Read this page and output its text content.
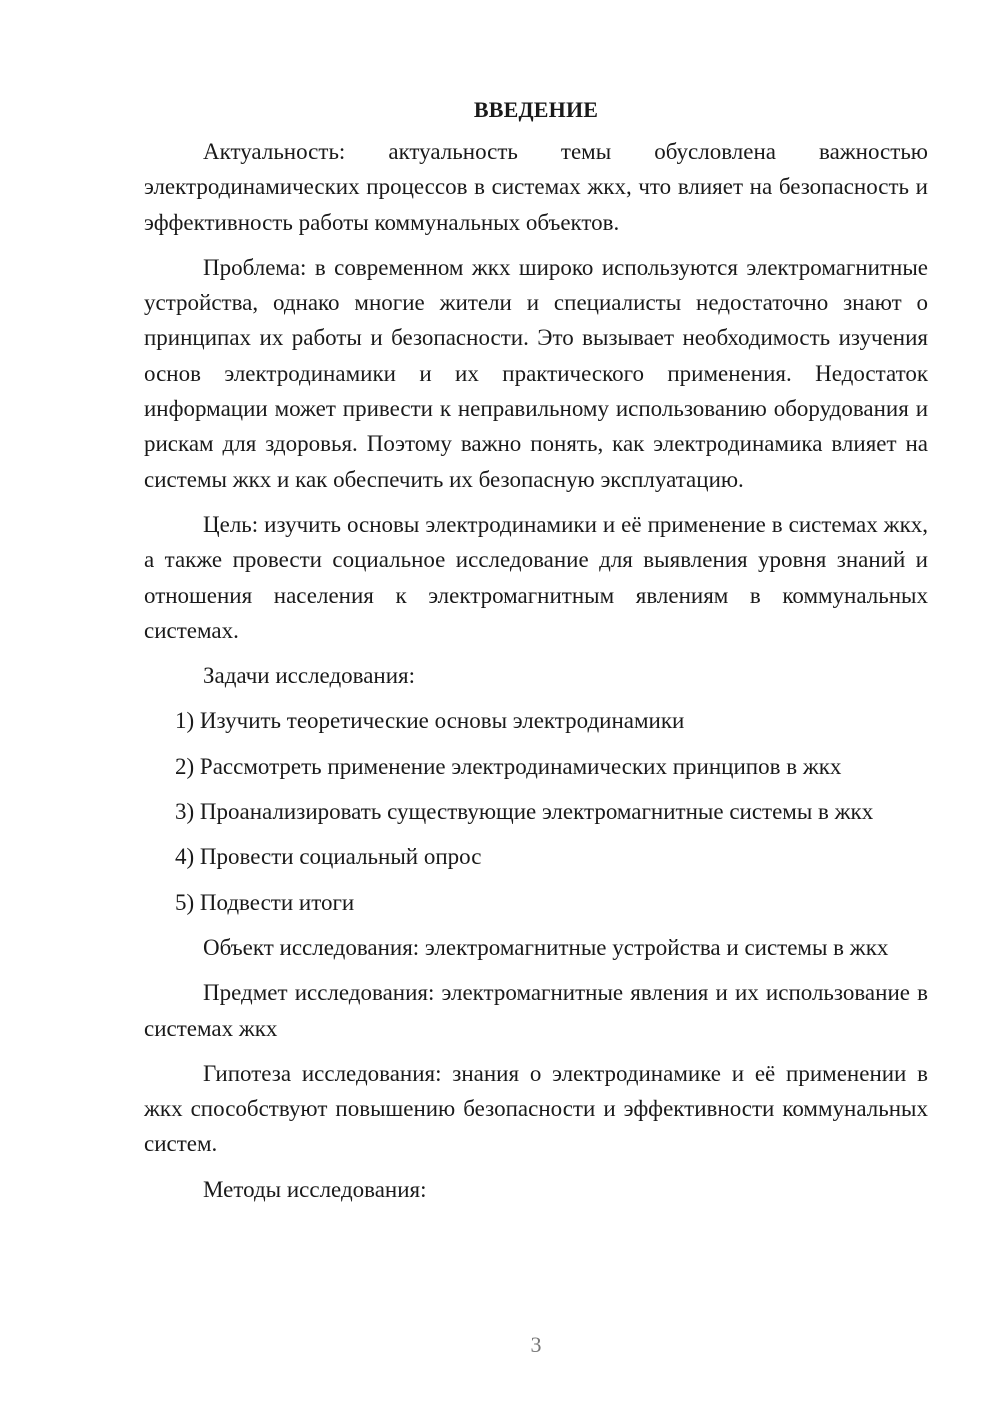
ВВЕДЕНИЕ

Актуальность: актуальность темы обусловлена важностью электродинамических процессов в системах жкх, что влияет на безопасность и эффективность работы коммунальных объектов.

Проблема: в современном жкх широко используются электромагнитные устройства, однако многие жители и специалисты недостаточно знают о принципах их работы и безопасности. Это вызывает необходимость изучения основ электродинамики и их практического применения. Недостаток информации может привести к неправильному использованию оборудования и рискам для здоровья. Поэтому важно понять, как электродинамика влияет на системы жкх и как обеспечить их безопасную эксплуатацию.

Цель: изучить основы электродинамики и её применение в системах жкх, а также провести социальное исследование для выявления уровня знаний и отношения населения к электромагнитным явлениям в коммунальных системах.

Задачи исследования:

1) Изучить теоретические основы электродинамики

2) Рассмотреть применение электродинамических принципов в жкх

3) Проанализировать существующие электромагнитные системы в жкх

4) Провести социальный опрос

5) Подвести итоги

Объект исследования: электромагнитные устройства и системы в жкх

Предмет исследования: электромагнитные явления и их использование в системах жкх

Гипотеза исследования: знания о электродинамике и её применении в жкх способствуют повышению безопасности и эффективности коммунальных систем.

Методы исследования:

3
